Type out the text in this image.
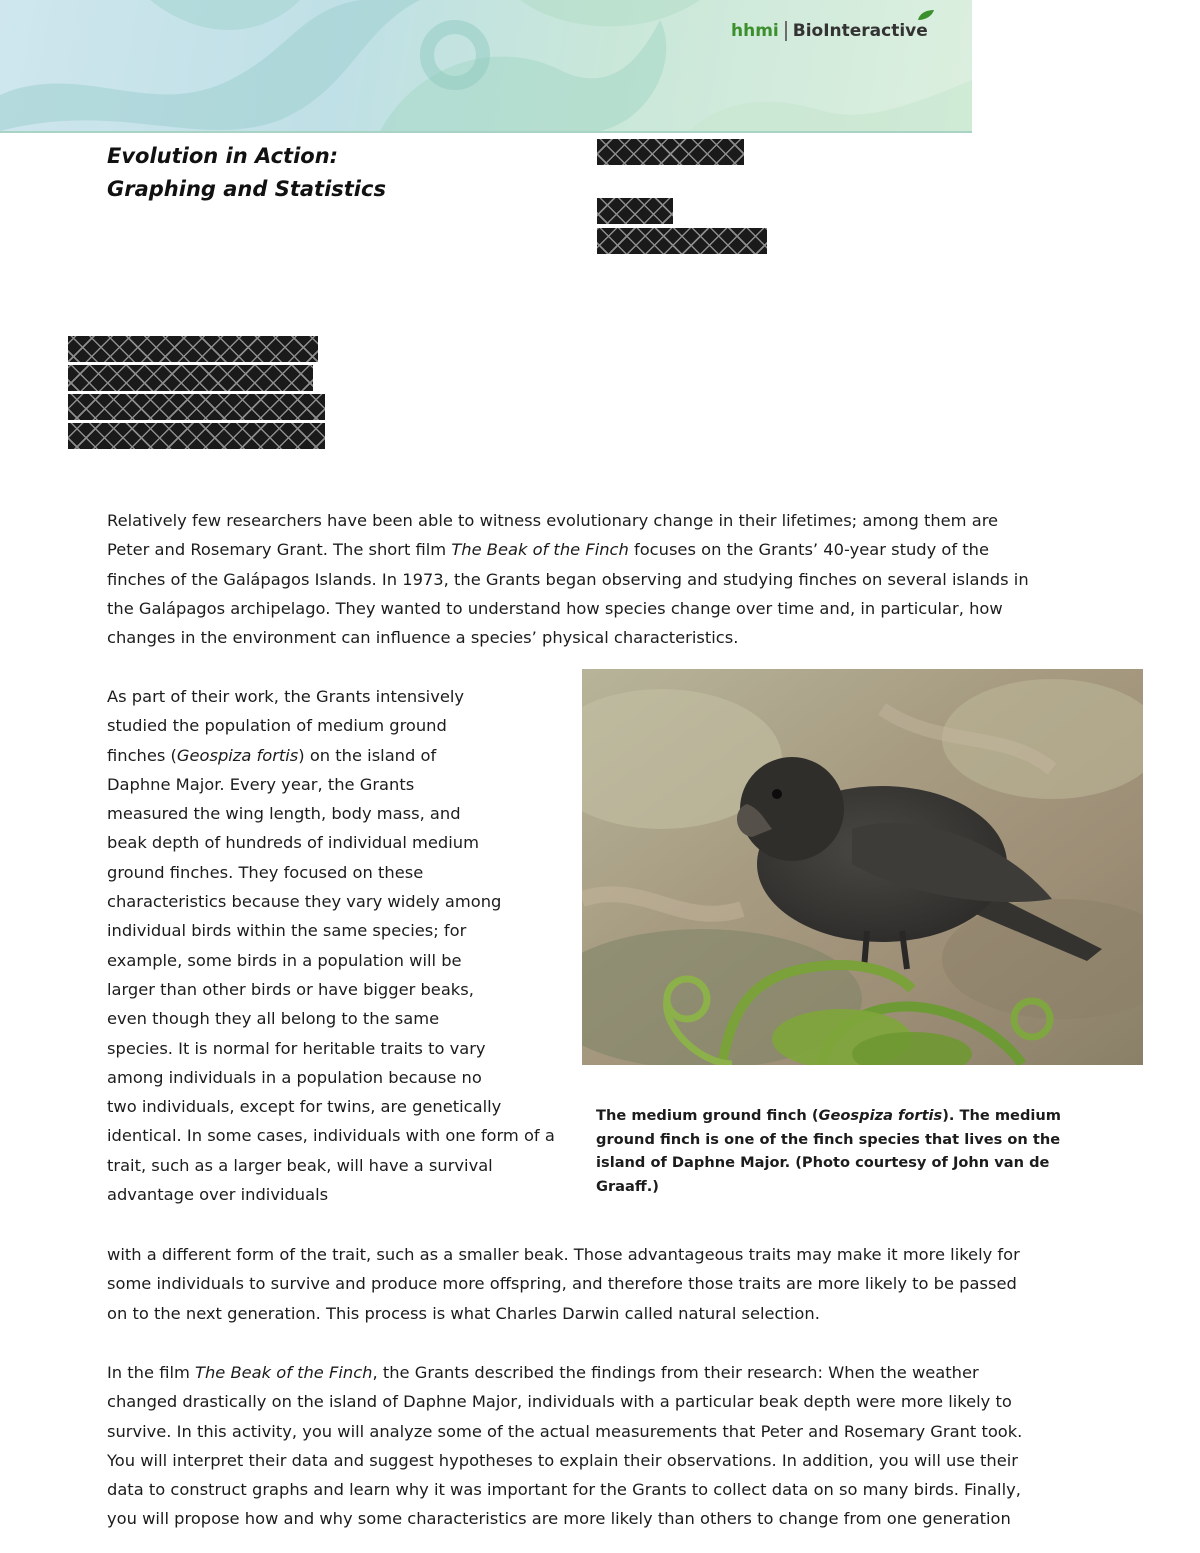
hhmi BioInteractive
Evolution in Action:
Graphing and Statistics

Relatively few researchers have been able to witness evolutionary change in their lifetimes; among them are
Peter and Rosemary Grant. The short film The Beak of the Finch focuses on the Grants’ 40-year study of the
finches of the Galápagos Islands. In 1973, the Grants began observing and studying finches on several islands in
the Galápagos archipelago. They wanted to understand how species change over time and, in particular, how
changes in the environment can influence a species’ physical characteristics.

As part of their work, the Grants intensively
studied the population of medium ground
finches (Geospiza fortis) on the island of
Daphne Major. Every year, the Grants
measured the wing length, body mass, and
beak depth of hundreds of individual medium
ground finches. They focused on these
characteristics because they vary widely among
individual birds within the same species; for
example, some birds in a population will be
larger than other birds or have bigger beaks,
even though they all belong to the same
species. It is normal for heritable traits to vary
among individuals in a population because no
two individuals, except for twins, are genetically
identical. In some cases, individuals with one form of a
trait, such as a larger beak, will have a survival
advantage over individuals

The medium ground finch (Geospiza fortis). The medium
ground finch is one of the finch species that lives on the
island of Daphne Major. (Photo courtesy of John van de
Graaff.)

with a different form of the trait, such as a smaller beak. Those advantageous traits may make it more likely for
some individuals to survive and produce more offspring, and therefore those traits are more likely to be passed
on to the next generation. This process is what Charles Darwin called natural selection.

In the film The Beak of the Finch, the Grants described the findings from their research: When the weather
changed drastically on the island of Daphne Major, individuals with a particular beak depth were more likely to
survive. In this activity, you will analyze some of the actual measurements that Peter and Rosemary Grant took.
You will interpret their data and suggest hypotheses to explain their observations. In addition, you will use their
data to construct graphs and learn why it was important for the Grants to collect data on so many birds. Finally,
you will propose how and why some characteristics are more likely than others to change from one generation
